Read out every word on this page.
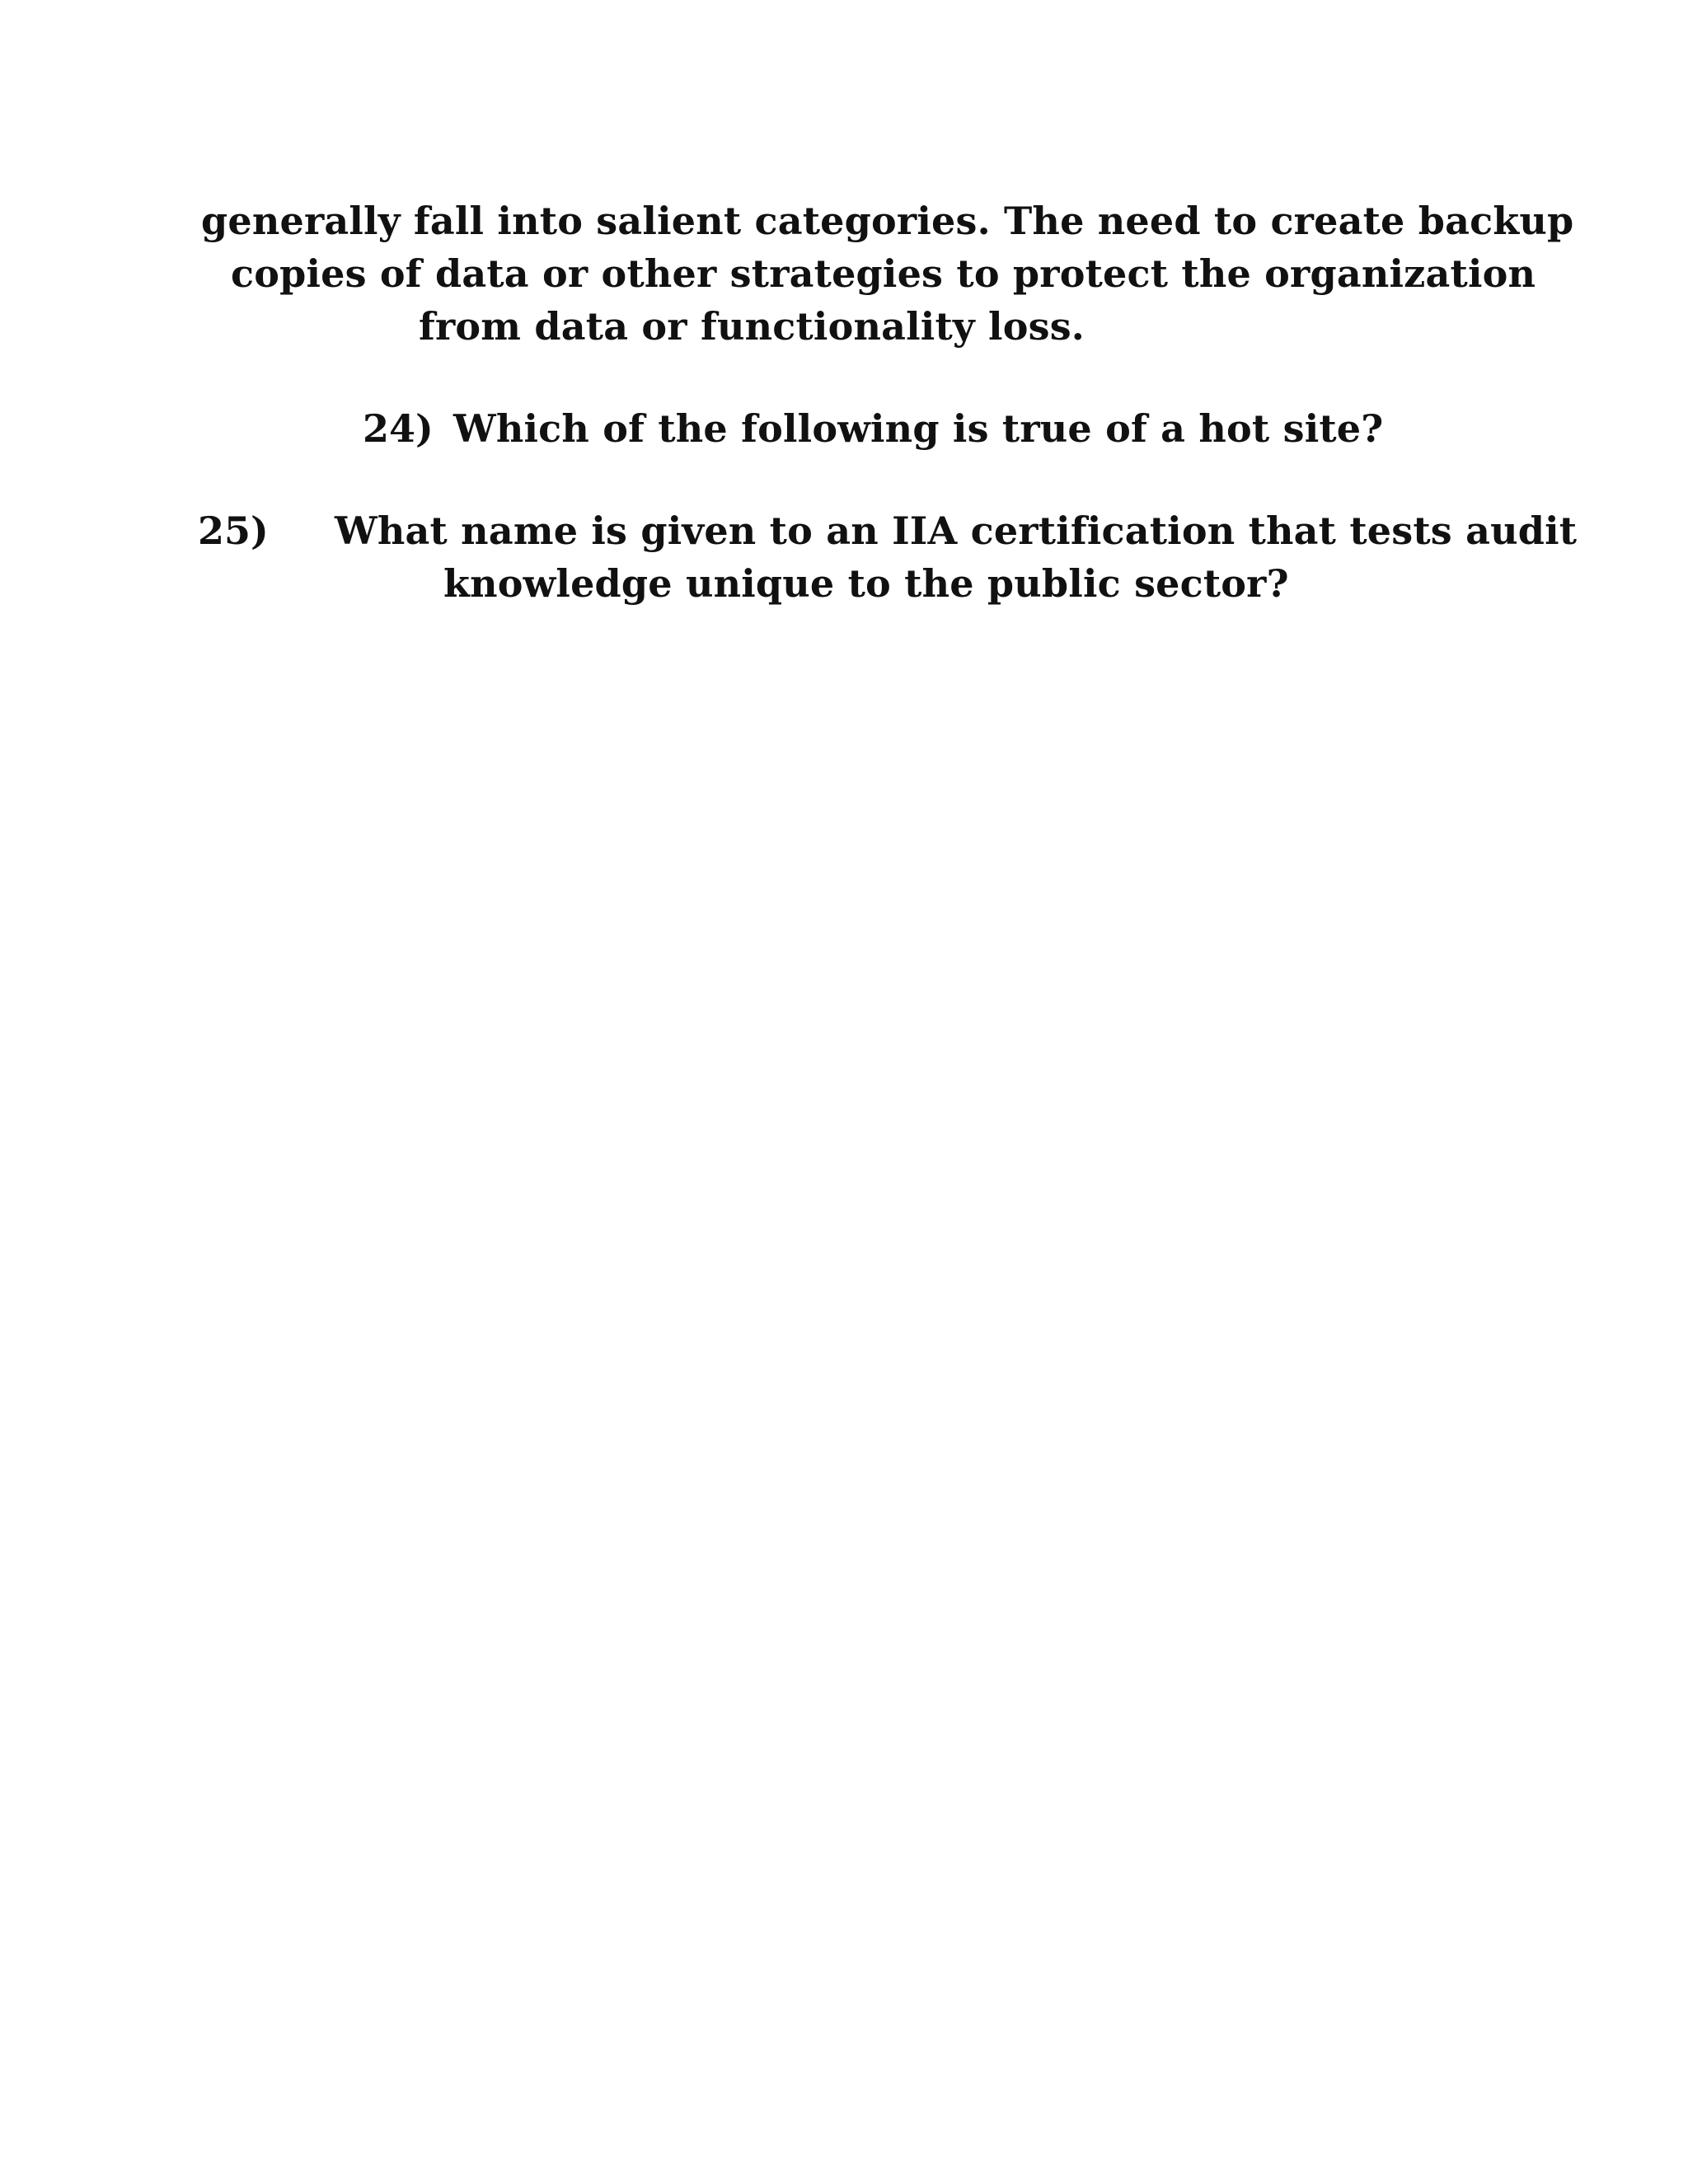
generally fall into salient categories. The need to create backup
copies of data or other strategies to protect the organization
from data or functionality loss.
24) Which of the following is true of a hot site?
25) What name is given to an IIA certification that tests audit
knowledge unique to the public sector?
